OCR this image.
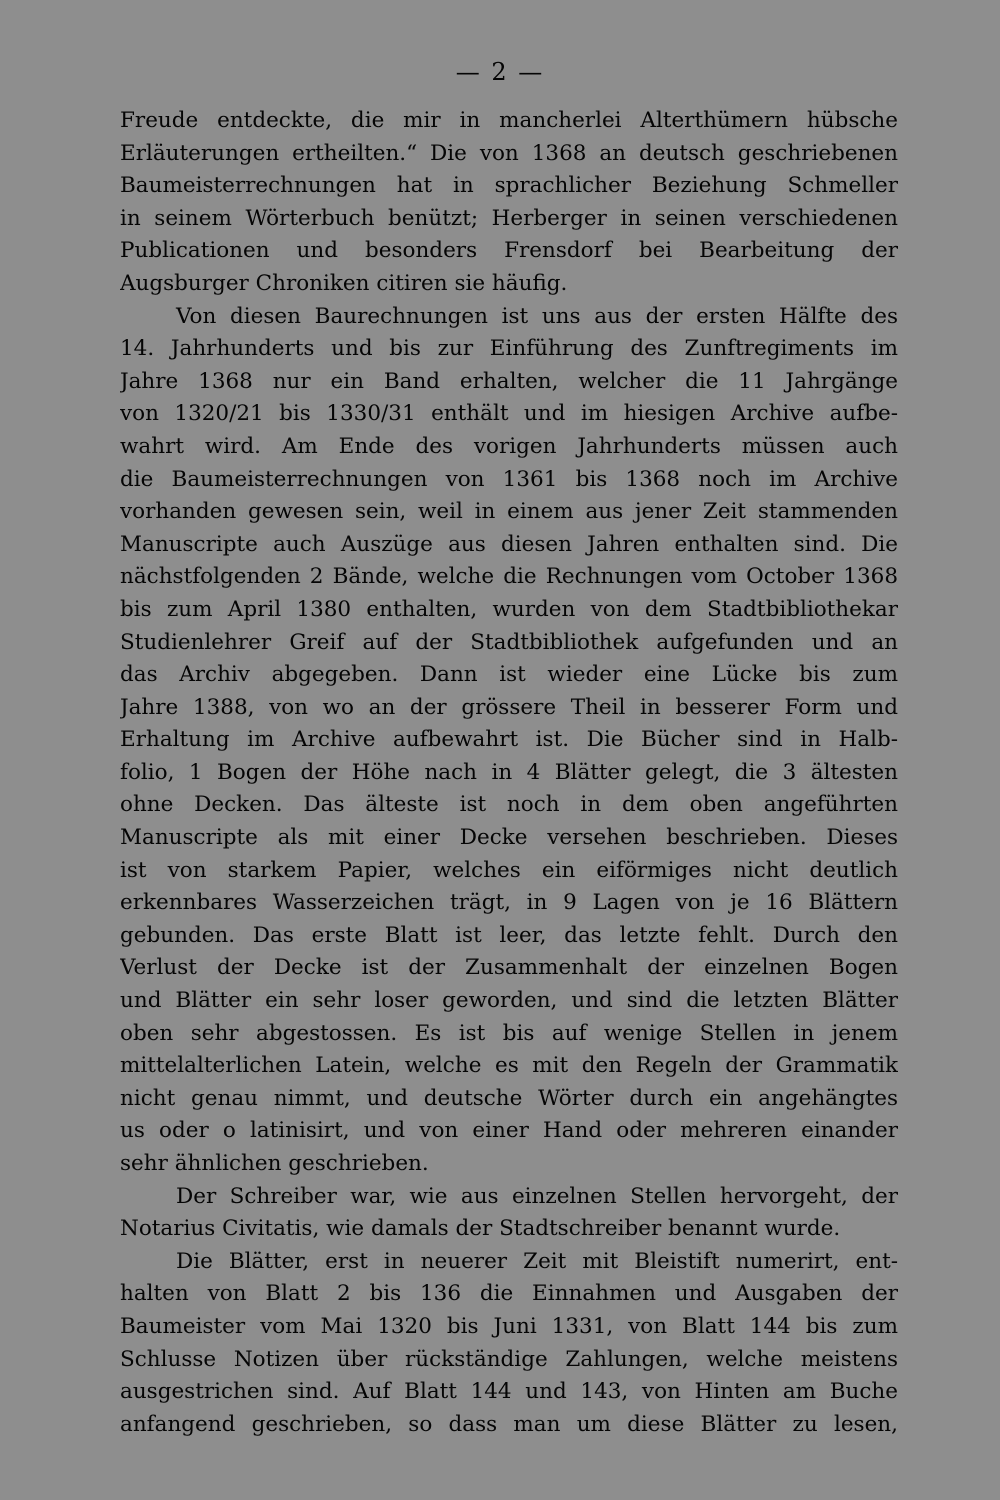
— 2 —
Freude entdeckte, die mir in mancherlei Alterthümern hübsche
Erläuterungen ertheilten.“ Die von 1368 an deutsch geschriebenen
Baumeisterrechnungen hat in sprachlicher Beziehung Schmeller
in seinem Wörterbuch benützt; Herberger in seinen verschiedenen
Publicationen und besonders Frensdorf bei Bearbeitung der
Augsburger Chroniken citiren sie häufig.
Von diesen Baurechnungen ist uns aus der ersten Hälfte des
14. Jahrhunderts und bis zur Einführung des Zunftregiments im
Jahre 1368 nur ein Band erhalten, welcher die 11 Jahrgänge
von 1320/21 bis 1330/31 enthält und im hiesigen Archive aufbe-
wahrt wird. Am Ende des vorigen Jahrhunderts müssen auch
die Baumeisterrechnungen von 1361 bis 1368 noch im Archive
vorhanden gewesen sein, weil in einem aus jener Zeit stammenden
Manuscripte auch Auszüge aus diesen Jahren enthalten sind. Die
nächstfolgenden 2 Bände, welche die Rechnungen vom October 1368
bis zum April 1380 enthalten, wurden von dem Stadtbibliothekar
Studienlehrer Greif auf der Stadtbibliothek aufgefunden und an
das Archiv abgegeben. Dann ist wieder eine Lücke bis zum
Jahre 1388, von wo an der grössere Theil in besserer Form und
Erhaltung im Archive aufbewahrt ist. Die Bücher sind in Halb-
folio, 1 Bogen der Höhe nach in 4 Blätter gelegt, die 3 ältesten
ohne Decken. Das älteste ist noch in dem oben angeführten
Manuscripte als mit einer Decke versehen beschrieben. Dieses
ist von starkem Papier, welches ein eiförmiges nicht deutlich
erkennbares Wasserzeichen trägt, in 9 Lagen von je 16 Blättern
gebunden. Das erste Blatt ist leer, das letzte fehlt. Durch den
Verlust der Decke ist der Zusammenhalt der einzelnen Bogen
und Blätter ein sehr loser geworden, und sind die letzten Blätter
oben sehr abgestossen. Es ist bis auf wenige Stellen in jenem
mittelalterlichen Latein, welche es mit den Regeln der Grammatik
nicht genau nimmt, und deutsche Wörter durch ein angehängtes
us oder o latinisirt, und von einer Hand oder mehreren einander
sehr ähnlichen geschrieben.
Der Schreiber war, wie aus einzelnen Stellen hervorgeht, der
Notarius Civitatis, wie damals der Stadtschreiber benannt wurde.
Die Blätter, erst in neuerer Zeit mit Bleistift numerirt, ent-
halten von Blatt 2 bis 136 die Einnahmen und Ausgaben der
Baumeister vom Mai 1320 bis Juni 1331, von Blatt 144 bis zum
Schlusse Notizen über rückständige Zahlungen, welche meistens
ausgestrichen sind. Auf Blatt 144 und 143, von Hinten am Buche
anfangend geschrieben, so dass man um diese Blätter zu lesen,
